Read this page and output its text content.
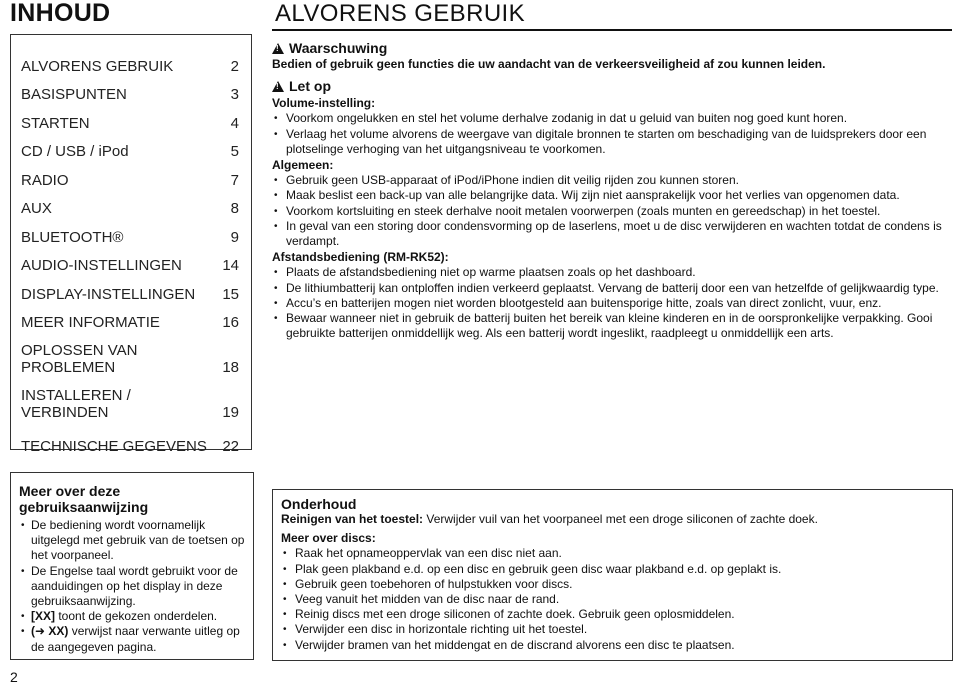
INHOUD
ALVORENS GEBRUIK	2
BASISPUNTEN	3
STARTEN	4
CD / USB / iPod	5
RADIO	7
AUX	8
BLUETOOTH®	9
AUDIO-INSTELLINGEN	14
DISPLAY-INSTELLINGEN	15
MEER INFORMATIE	16
OPLOSSEN VAN
PROBLEMEN	18
INSTALLEREN /
VERBINDEN	19
TECHNISCHE GEGEVENS	22
ALVORENS GEBRUIK
!
Waarschuwing
Bedien of gebruik geen functies die uw aandacht van de verkeersveiligheid af zou kunnen leiden.
!
Let op
Volume-instelling:
• Voorkom ongelukken en stel het volume derhalve zodanig in dat u geluid van buiten nog goed kunt horen.
• Verlaag het volume alvorens de weergave van digitale bronnen te starten om beschadiging van de luidsprekers door een plotselinge verhoging van het uitgangsniveau te voorkomen.
Algemeen:
• Gebruik geen USB-apparaat of iPod/iPhone indien dit veilig rijden zou kunnen storen.
• Maak beslist een back-up van alle belangrijke data. Wij zijn niet aansprakelijk voor het verlies van opgenomen data.
• Voorkom kortsluiting en steek derhalve nooit metalen voorwerpen (zoals munten en gereedschap) in het toestel.
• In geval van een storing door condensvorming op de laserlens, moet u de disc verwijderen en wachten totdat de condens is verdampt.
Afstandsbediening (RM-RK52):
• Plaats de afstandsbediening niet op warme plaatsen zoals op het dashboard.
• De lithiumbatterij kan ontploffen indien verkeerd geplaatst. Vervang de batterij door een van hetzelfde of gelijkwaardig type.
• Accu’s en batterijen mogen niet worden blootgesteld aan buitensporige hitte, zoals van direct zonlicht, vuur, enz.
• Bewaar wanneer niet in gebruik de batterij buiten het bereik van kleine kinderen en in de oorspronkelijke verpakking. Gooi gebruikte batterijen onmiddellijk weg. Als een batterij wordt ingeslikt, raadpleegt u onmiddellijk een arts.
Meer over deze gebruiksaanwijzing
• De bediening wordt voornamelijk uitgelegd met gebruik van de toetsen op het voorpaneel.
• De Engelse taal wordt gebruikt voor de aanduidingen op het display in deze gebruiksaanwijzing.
• [XX] toont de gekozen onderdelen.
• (➜ XX) verwijst naar verwante uitleg op de aangegeven pagina.
Onderhoud
Reinigen van het toestel: Verwijder vuil van het voorpaneel met een droge siliconen of zachte doek.
Meer over discs:
• Raak het opnameoppervlak van een disc niet aan.
• Plak geen plakband e.d. op een disc en gebruik geen disc waar plakband e.d. op geplakt is.
• Gebruik geen toebehoren of hulpstukken voor discs.
• Veeg vanuit het midden van de disc naar de rand.
• Reinig discs met een droge siliconen of zachte doek. Gebruik geen oplosmiddelen.
• Verwijder een disc in horizontale richting uit het toestel.
• Verwijder bramen van het middengat en de discrand alvorens een disc te plaatsen.
2
